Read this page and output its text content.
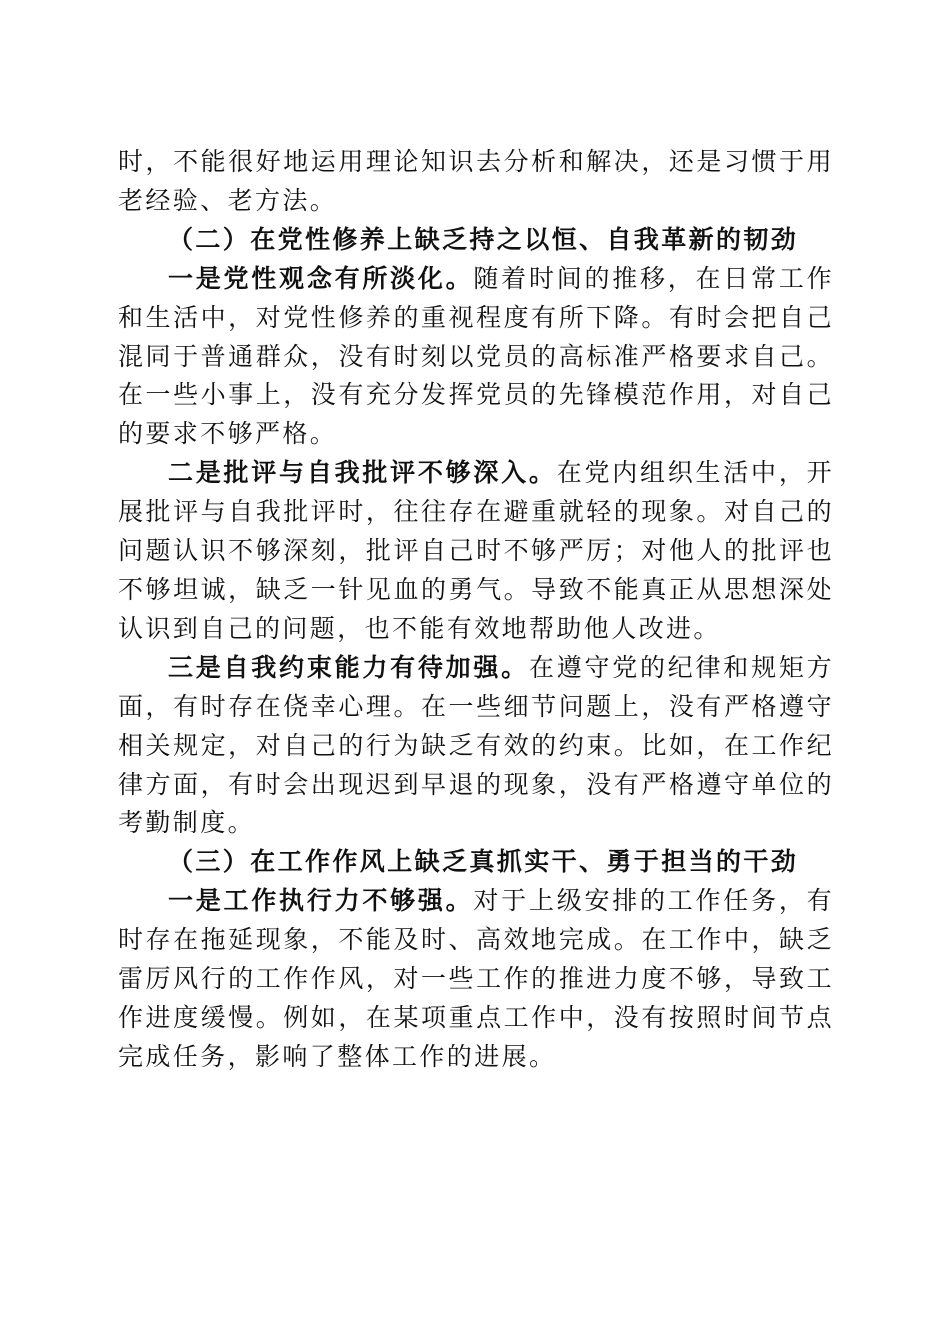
时，不能很好地运用理论知识去分析和解决，还是习惯于用老经验、老方法。

（二）在党性修养上缺乏持之以恒、自我革新的韧劲

一是党性观念有所淡化。随着时间的推移，在日常工作和生活中，对党性修养的重视程度有所下降。有时会把自己混同于普通群众，没有时刻以党员的高标准严格要求自己。在一些小事上，没有充分发挥党员的先锋模范作用，对自己的要求不够严格。

二是批评与自我批评不够深入。在党内组织生活中，开展批评与自我批评时，往往存在避重就轻的现象。对自己的问题认识不够深刻，批评自己时不够严厉；对他人的批评也不够坦诚，缺乏一针见血的勇气。导致不能真正从思想深处认识到自己的问题，也不能有效地帮助他人改进。

三是自我约束能力有待加强。在遵守党的纪律和规矩方面，有时存在侥幸心理。在一些细节问题上，没有严格遵守相关规定，对自己的行为缺乏有效的约束。比如，在工作纪律方面，有时会出现迟到早退的现象，没有严格遵守单位的考勤制度。

（三）在工作作风上缺乏真抓实干、勇于担当的干劲

一是工作执行力不够强。对于上级安排的工作任务，有时存在拖延现象，不能及时、高效地完成。在工作中，缺乏雷厉风行的工作作风，对一些工作的推进力度不够，导致工作进度缓慢。例如，在某项重点工作中，没有按照时间节点完成任务，影响了整体工作的进展。
